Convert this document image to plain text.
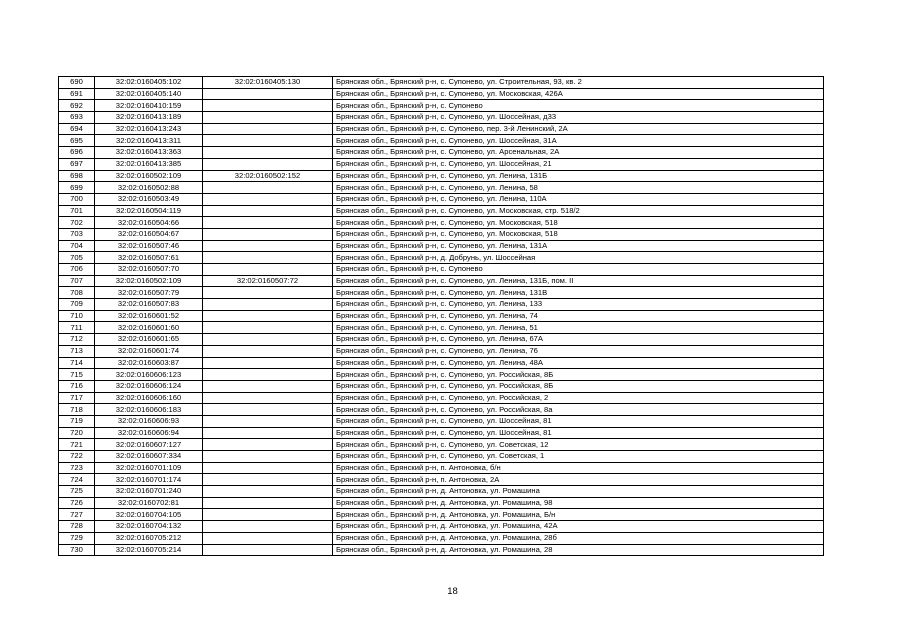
690	32:02:0160405:102	32:02:0160405:130	Брянская обл., Брянский р-н, с. Супонево, ул. Строительная, 93, кв. 2
691	32:02:0160405:140		Брянская обл., Брянский р-н, с. Супонево, ул. Московская, 426А
692	32:02:0160410:159		Брянская обл., Брянский р-н, с. Супонево
693	32:02:0160413:189		Брянская обл., Брянский р-н, с. Супонево, ул. Шоссейная, д33
694	32:02:0160413:243		Брянская обл., Брянский р-н, с. Супонево, пер. 3-й Ленинский, 2А
695	32:02:0160413:311		Брянская обл., Брянский р-н, с. Супонево, ул. Шоссейная, 31А
696	32:02:0160413:363		Брянская обл., Брянский р-н, с. Супонево, ул. Арсенальная, 2А
697	32:02:0160413:385		Брянская обл., Брянский р-н, с. Супонево, ул. Шоссейная, 21
698	32:02:0160502:109	32:02:0160502:152	Брянская обл., Брянский р-н, с. Супонево, ул. Ленина, 131Б
699	32:02:0160502:88		Брянская обл., Брянский р-н, с. Супонево, ул. Ленина, 58
700	32:02:0160503:49		Брянская обл., Брянский р-н, с. Супонево, ул. Ленина, 110А
701	32:02:0160504:119		Брянская обл., Брянский р-н, с. Супонево, ул. Московская, стр. 518/2
702	32:02:0160504:66		Брянская обл., Брянский р-н, с. Супонево, ул. Московская, 518
703	32:02:0160504:67		Брянская обл., Брянский р-н, с. Супонево, ул. Московская, 518
704	32:02:0160507:46		Брянская обл., Брянский р-н, с. Супонево, ул. Ленина, 131А
705	32:02:0160507:61		Брянская обл., Брянский р-н, д. Добрунь, ул. Шоссейная
706	32:02:0160507:70		Брянская обл., Брянский р-н, с. Супонево
707	32:02:0160502:109	32:02:0160507:72	Брянская обл., Брянский р-н, с. Супонево, ул. Ленина, 131Б, пом. II
708	32:02:0160507:79		Брянская обл., Брянский р-н, с. Супонево, ул. Ленина, 131В
709	32:02:0160507:83		Брянская обл., Брянский р-н, с. Супонево, ул. Ленина, 133
710	32:02:0160601:52		Брянская обл., Брянский р-н, с. Супонево, ул. Ленина, 74
711	32:02:0160601:60		Брянская обл., Брянский р-н, с. Супонево, ул. Ленина, 51
712	32:02:0160601:65		Брянская обл., Брянский р-н, с. Супонево, ул. Ленина, 67А
713	32:02:0160601:74		Брянская обл., Брянский р-н, с. Супонево, ул. Ленина, 76
714	32:02:0160603:87		Брянская обл., Брянский р-н, с. Супонево, ул. Ленина, 48А
715	32:02:0160606:123		Брянская обл., Брянский р-н, с. Супонево, ул. Российская, 8Б
716	32:02:0160606:124		Брянская обл., Брянский р-н, с. Супонево, ул. Российская, 8Б
717	32:02:0160606:160		Брянская обл., Брянский р-н, с. Супонево, ул. Российская, 2
718	32:02:0160606:183		Брянская обл., Брянский р-н, с. Супонево, ул. Российская, 8а
719	32:02:0160606:93		Брянская обл., Брянский р-н, с. Супонево, ул. Шоссейная, 81
720	32:02:0160606:94		Брянская обл., Брянский р-н, с. Супонево, ул. Шоссейная, 81
721	32:02:0160607:127		Брянская обл., Брянский р-н, с. Супонево, ул. Советская, 12
722	32:02:0160607:334		Брянская обл., Брянский р-н, с. Супонево, ул. Советская, 1
723	32:02:0160701:109		Брянская обл., Брянский р-н, п. Антоновка, б/н
724	32:02:0160701:174		Брянская обл., Брянский р-н, п. Антоновка, 2А
725	32:02:0160701:240		Брянская обл., Брянский р-н, д. Антоновка, ул. Ромашина
726	32:02:0160702:81		Брянская обл., Брянский р-н, д. Антоновка, ул. Ромашина, 98
727	32:02:0160704:105		Брянская обл., Брянский р-н, д. Антоновка, ул. Ромашина, Б/н
728	32:02:0160704:132		Брянская обл., Брянский р-н, д. Антоновка, ул. Ромашина, 42А
729	32:02:0160705:212		Брянская обл., Брянский р-н, д. Антоновка, ул. Ромашина, 28б
730	32:02:0160705:214		Брянская обл., Брянский р-н, д. Антоновка, ул. Ромашина, 28
18
